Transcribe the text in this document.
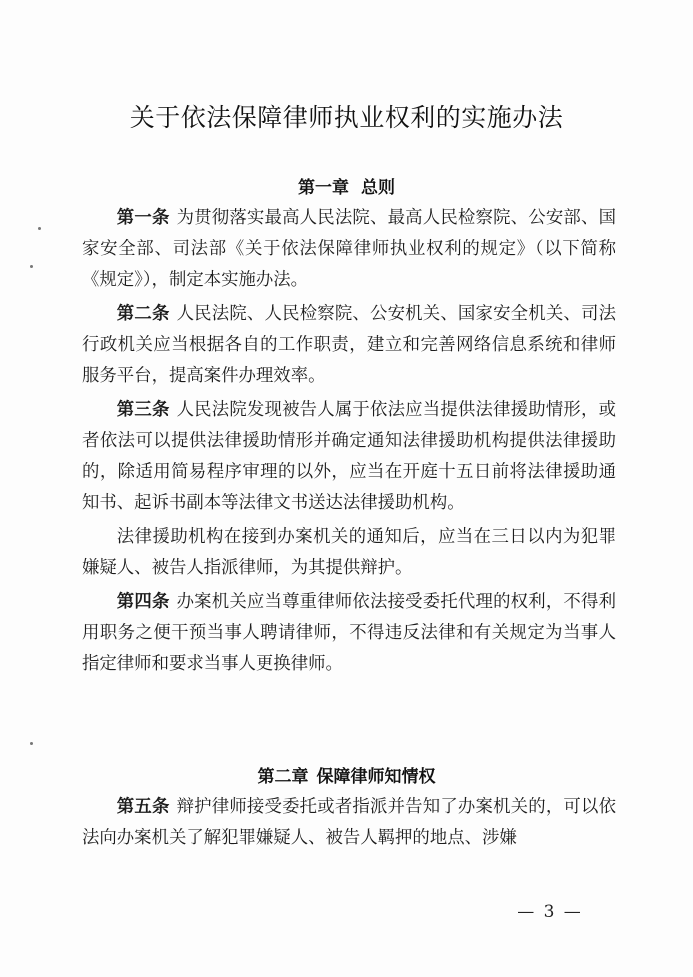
关于依法保障律师执业权利的实施办法
第一章 总则

第一条 为贯彻落实最高人民法院、最高人民检察院、公安部、国家安全部、司法部《关于依法保障律师执业权利的规定》（以下简称《规定》），制定本实施办法。

第二条 人民法院、人民检察院、公安机关、国家安全机关、司法行政机关应当根据各自的工作职责，建立和完善网络信息系统和律师服务平台，提高案件办理效率。

第三条 人民法院发现被告人属于依法应当提供法律援助情形，或者依法可以提供法律援助情形并确定通知法律援助机构提供法律援助的，除适用简易程序审理的以外，应当在开庭十五日前将法律援助通知书、起诉书副本等法律文书送达法律援助机构。

法律援助机构在接到办案机关的通知后，应当在三日以内为犯罪嫌疑人、被告人指派律师，为其提供辩护。

第四条 办案机关应当尊重律师依法接受委托代理的权利，不得利用职务之便干预当事人聘请律师，不得违反法律和有关规定为当事人指定律师和要求当事人更换律师。

第二章 保障律师知情权

第五条 辩护律师接受委托或者指派并告知了办案机关的，可以依法向办案机关了解犯罪嫌疑人、被告人羁押的地点、涉嫌

— 3 —
